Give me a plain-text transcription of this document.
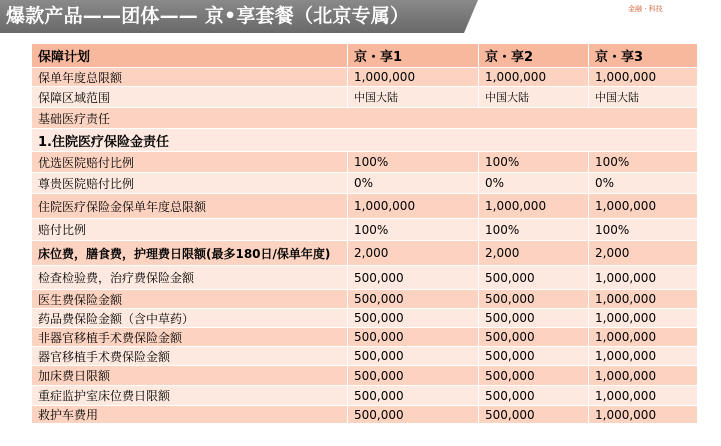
爆款产品——团体—— 京•享套餐（北京专属）	金融 · 科技
保障计划	京・享1	京・享2	京・享3
保单年度总限额	1,000,000	1,000,000	1,000,000
保障区域范围	中国大陆	中国大陆	中国大陆
基础医疗责任			
1.住院医疗保险金责任			
优选医院赔付比例	100%	100%	100%
尊贵医院赔付比例	0%	0%	0%
住院医疗保险金保单年度总限额	1,000,000	1,000,000	1,000,000
赔付比例	100%	100%	100%
床位费，膳食费，护理费日限额(最多180日/保单年度)	2,000	2,000	2,000
检查检验费，治疗费保险金额	500,000	500,000	1,000,000
医生费保险金额	500,000	500,000	1,000,000
药品费保险金额（含中草药）	500,000	500,000	1,000,000
非器官移植手术费保险金额	500,000	500,000	1,000,000
器官移植手术费保险金额	500,000	500,000	1,000,000
加床费日限额	500,000	500,000	1,000,000
重症监护室床位费日限额	500,000	500,000	1,000,000
救护车费用	500,000	500,000	1,000,000
